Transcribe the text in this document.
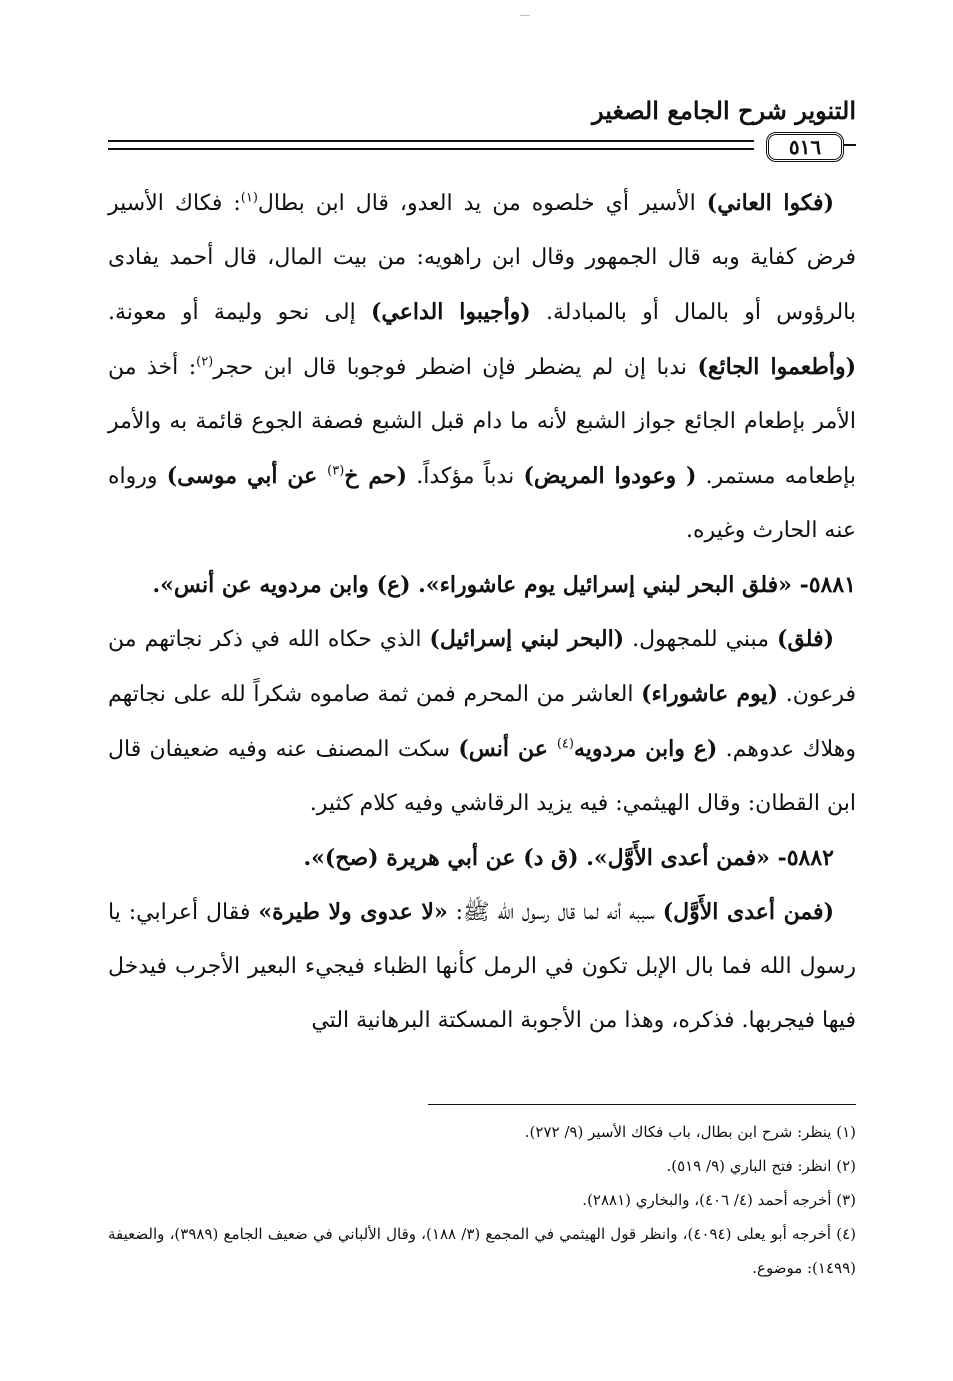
—
التنوير شرح الجامع الصغير
٥١٦

(فكوا العاني) الأسير أي خلصوه من يد العدو، قال ابن بطال$^{(١)}$: فكاك الأسير فرض كفاية وبه قال الجمهور وقال ابن راهويه: من بيت المال، قال أحمد يفادى بالرؤوس أو بالمال أو بالمبادلة. (وأجيبوا الداعي) إلى نحو وليمة أو معونة. (وأطعموا الجائع) ندبا إن لم يضطر فإن اضطر فوجوبا قال ابن حجر$^{(٢)}$: أخذ من الأمر بإطعام الجائع جواز الشبع لأنه ما دام قبل الشبع فصفة الجوع قائمة به والأمر بإطعامه مستمر. ( وعودوا المريض) ندباً مؤكداً. (حم خ$^{(٣)}$ عن أبي موسى) ورواه عنه الحارث وغيره.

٥٨٨١- «فلق البحر لبني إسرائيل يوم عاشوراء». (ع) وابن مردويه عن أنس».

(فلق) مبني للمجهول. (البحر لبني إسرائيل) الذي حكاه الله في ذكر نجاتهم من فرعون. (يوم عاشوراء) العاشر من المحرم فمن ثمة صاموه شكراً لله على نجاتهم وهلاك عدوهم. (ع وابن مردويه$^{(٤)}$ عن أنس) سكت المصنف عنه وفيه ضعيفان قال ابن القطان: وقال الهيثمي: فيه يزيد الرقاشي وفيه كلام كثير.

٥٨٨٢- «فمن أعدى الأَوَّل». (ق د) عن أبي هريرة (صح)».

(فمن أعدى الأَوَّل) سببه أنه لما قال رسول الله ﷺ: «لا عدوى ولا طيرة» فقال أعرابي: يا رسول الله فما بال الإبل تكون في الرمل كأنها الظباء فيجيء البعير الأجرب فيدخل فيها فيجربها. فذكره، وهذا من الأجوبة المسكتة البرهانية التي

(١) ينظر: شرح ابن بطال، باب فكاك الأسير (٩/ ٢٧٢).

(٢) انظر: فتح الباري (٩/ ٥١٩).

(٣) أخرجه أحمد (٤/ ٤٠٦)، والبخاري (٢٨٨١).

(٤) أخرجه أبو يعلى (٤٠٩٤)، وانظر قول الهيثمي في المجمع (٣/ ١٨٨)، وقال الألباني في ضعيف الجامع (٣٩٨٩)، والضعيفة (١٤٩٩): موضوع.
